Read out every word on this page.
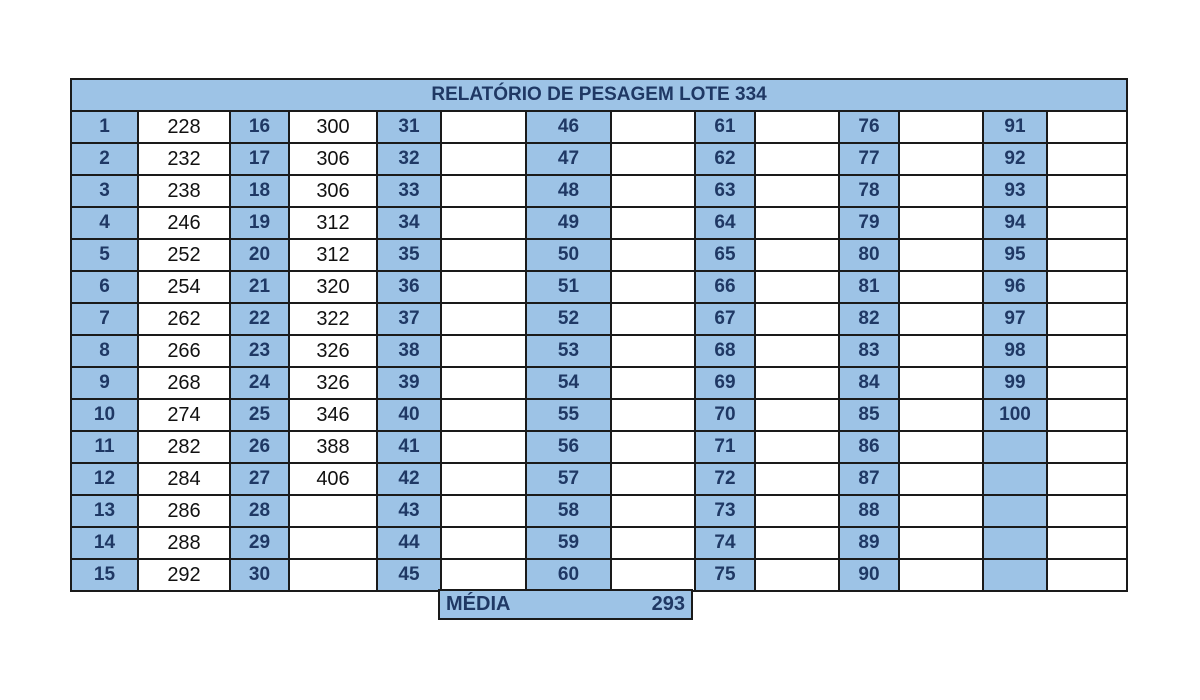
RELATÓRIO DE PESAGEM LOTE 334													
1	228	16	300	31		46		61		76		91	
2	232	17	306	32		47		62		77		92	
3	238	18	306	33		48		63		78		93	
4	246	19	312	34		49		64		79		94	
5	252	20	312	35		50		65		80		95	
6	254	21	320	36		51		66		81		96	
7	262	22	322	37		52		67		82		97	
8	266	23	326	38		53		68		83		98	
9	268	24	326	39		54		69		84		99	
10	274	25	346	40		55		70		85		100	
11	282	26	388	41		56		71		86			
12	284	27	406	42		57		72		87			
13	286	28		43		58		73		88			
14	288	29		44		59		74		89			
15	292	30		45		60		75		90			
MÉDIA	293
